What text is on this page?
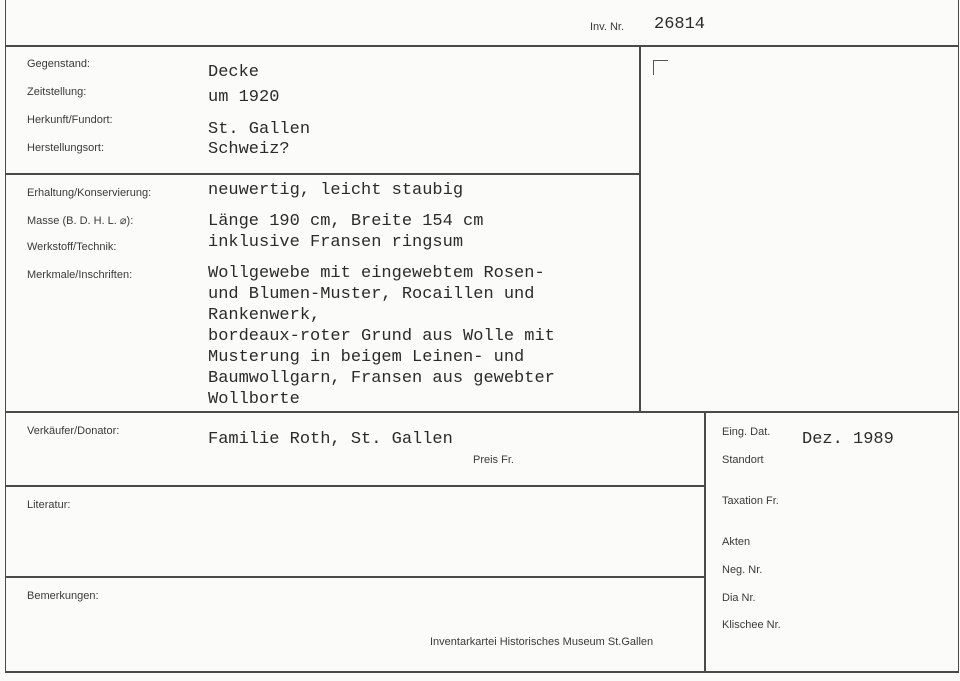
Inv. Nr. 26814
Gegenstand:	Decke
Zeitstellung:	um 1920
Herkunft/Fundort:	St. Gallen
Herstellungsort:	Schweiz?
Erhaltung/Konservierung:	neuwertig, leicht staubig
Masse (B. D. H. L. ⌀):	Länge 190 cm, Breite 154 cm
Werkstoff/Technik:	inklusive Fransen ringsum
Merkmale/Inschriften:	Wollgewebe mit eingewebtem Rosen-
und Blumen-Muster, Rocaillen und
Rankenwerk,
bordeaux-roter Grund aus Wolle mit
Musterung in beigem Leinen- und
Baumwollgarn, Fransen aus gewebter
Wollborte
Verkäufer/Donator:	Familie Roth, St. Gallen
Preis Fr.
Eing. Dat. Dez. 1989
Standort
Taxation Fr.
Akten
Neg. Nr.
Dia Nr.
Klischee Nr.
Literatur:
Bemerkungen:
Inventarkartei Historisches Museum St.Gallen
